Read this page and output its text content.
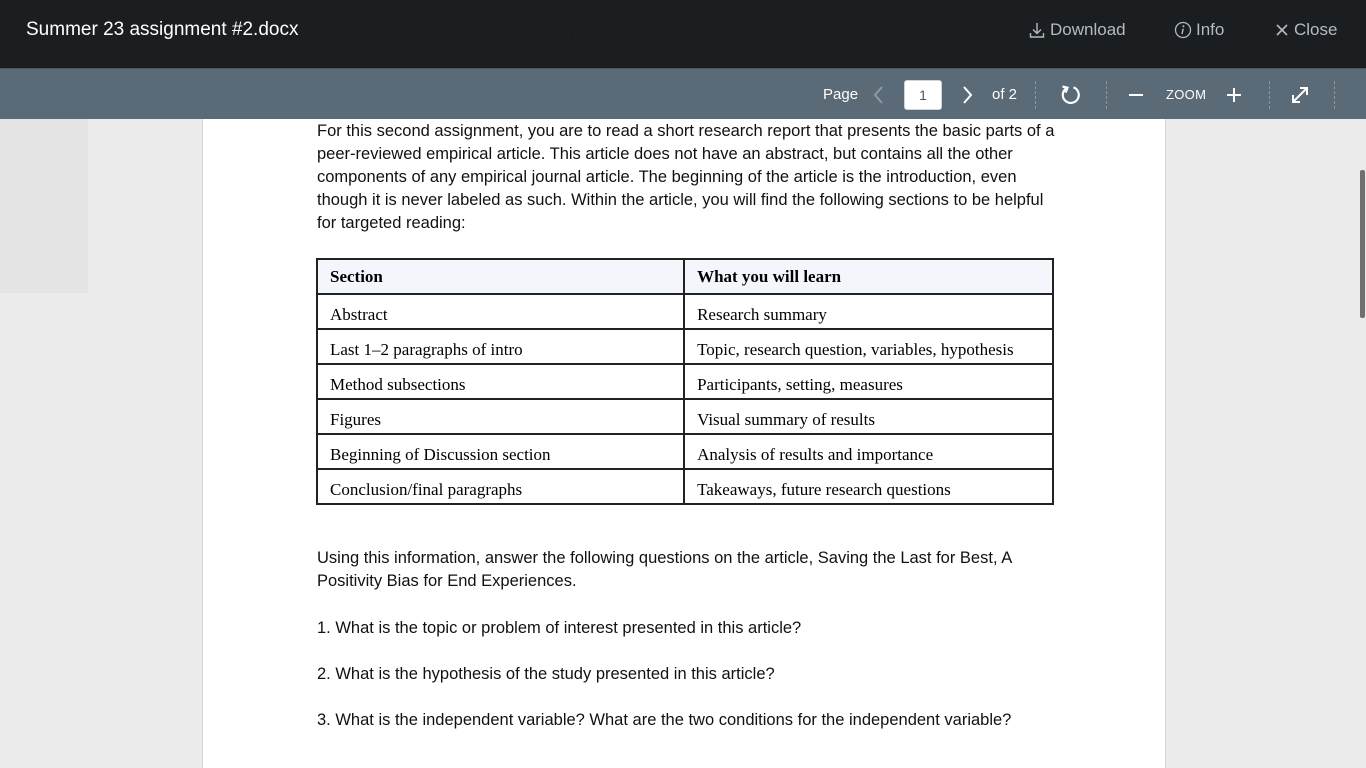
Summer 23 assignment #2.docx	Download	Info	Close
Page	1	of 2	ZOOM

For this second assignment, you are to read a short research report that presents the basic parts of a peer-reviewed empirical article. This article does not have an abstract, but contains all the other components of any empirical journal article. The beginning of the article is the introduction, even though it is never labeled as such. Within the article, you will find the following sections to be helpful for targeted reading:

Section	What you will learn
Abstract	Research summary
Last 1–2 paragraphs of intro	Topic, research question, variables, hypothesis
Method subsections	Participants, setting, measures
Figures	Visual summary of results
Beginning of Discussion section	Analysis of results and importance
Conclusion/final paragraphs	Takeaways, future research questions

Using this information, answer the following questions on the article, Saving the Last for Best, A Positivity Bias for End Experiences.

1. What is the topic or problem of interest presented in this article?

2. What is the hypothesis of the study presented in this article?

3. What is the independent variable? What are the two conditions for the independent variable?
